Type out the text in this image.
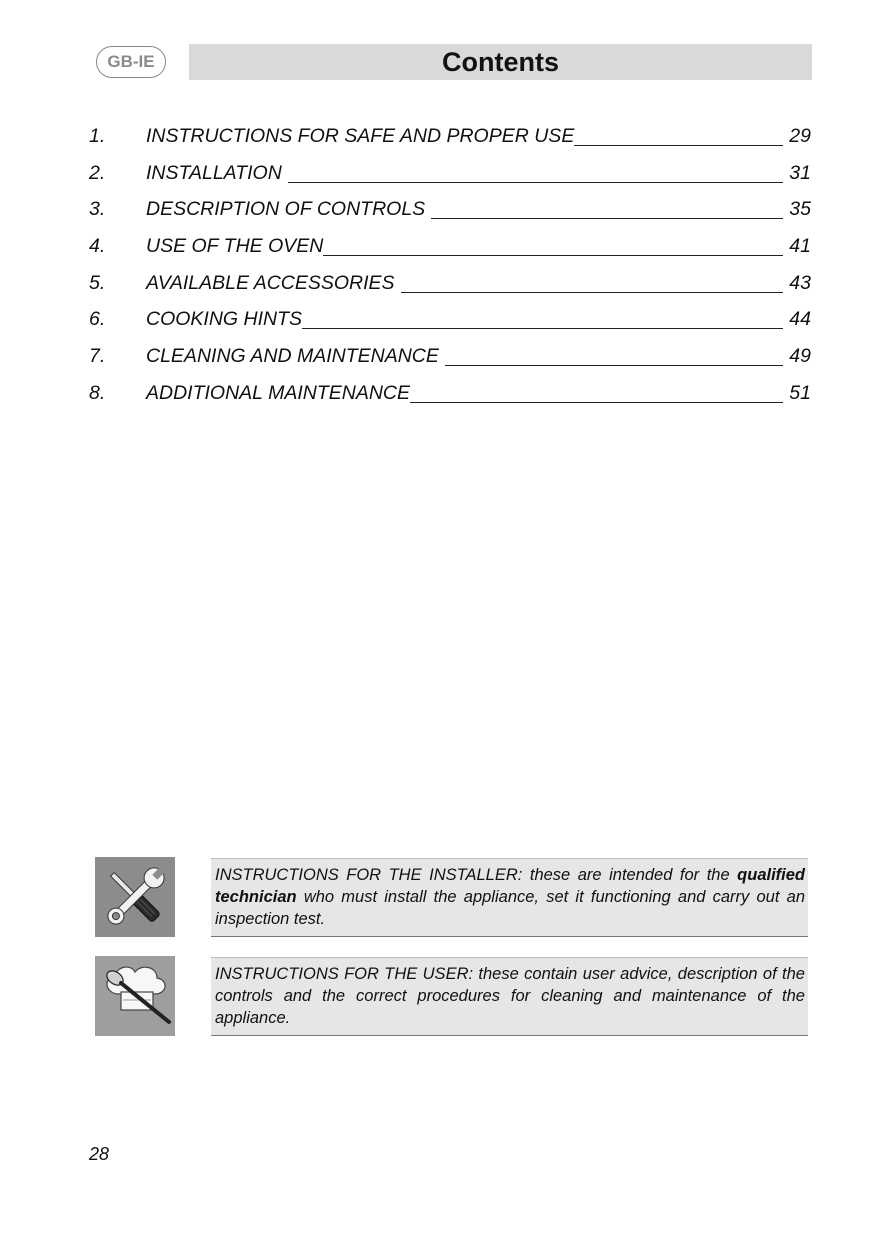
GB-IE	Contents
1.	INSTRUCTIONS FOR SAFE AND PROPER USE	29
2.	INSTALLATION	31
3.	DESCRIPTION OF CONTROLS	35
4.	USE OF THE OVEN	41
5.	AVAILABLE ACCESSORIES	43
6.	COOKING HINTS	44
7.	CLEANING AND MAINTENANCE	49
8.	ADDITIONAL MAINTENANCE	51
INSTRUCTIONS FOR THE INSTALLER: these are intended for the qualified technician who must install the appliance, set it functioning and carry out an inspection test.
INSTRUCTIONS FOR THE USER: these contain user advice, description of the controls and the correct procedures for cleaning and maintenance of the appliance.
28
